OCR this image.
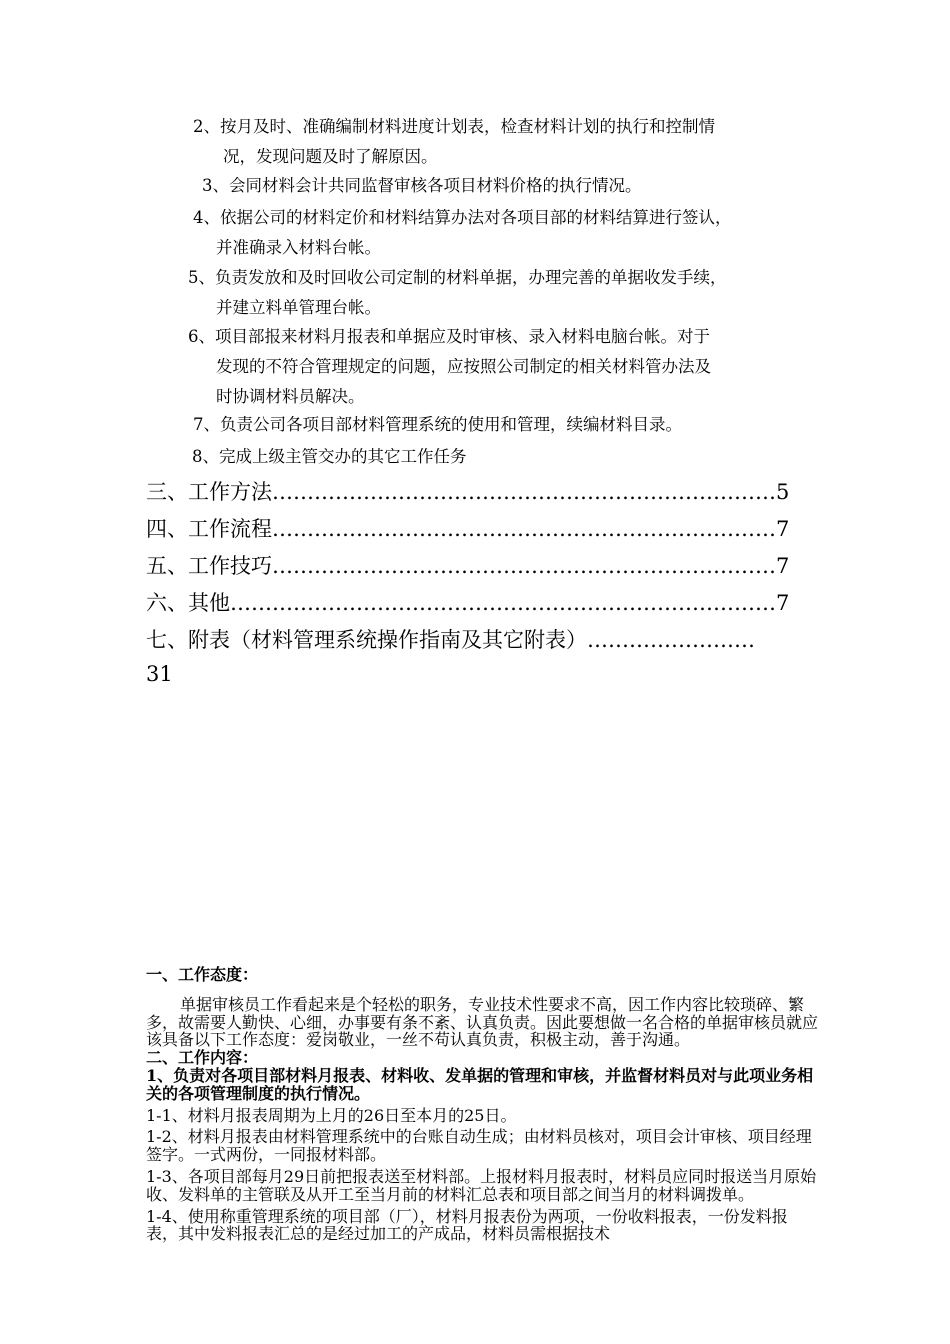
2、按月及时、准确编制材料进度计划表，检查材料计划的执行和控制情
况，发现问题及时了解原因。
3、会同材料会计共同监督审核各项目材料价格的执行情况。
4、依据公司的材料定价和材料结算办法对各项目部的材料结算进行签认，
并准确录入材料台帐。
5、负责发放和及时回收公司定制的材料单据，办理完善的单据收发手续，
并建立料单管理台帐。
6、项目部报来材料月报表和单据应及时审核、录入材料电脑台帐。对于
发现的不符合管理规定的问题，应按照公司制定的相关材料管办法及
时协调材料员解决。
7、负责公司各项目部材料管理系统的使用和管理，续编材料目录。
8、完成上级主管交办的其它工作任务
三、工作方法………………………………………………………………5
四、工作流程………………………………………………………………7
五、工作技巧………………………………………………………………7
六、其他……………………………………………………………………7
七、附表（材料管理系统操作指南及其它附表）……………………
31

一、工作态度：

单据审核员工作看起来是个轻松的职务，专业技术性要求不高，因工作内容比较琐碎、繁多，故需要人勤快、心细，办事要有条不紊、认真负责。因此要想做一名合格的单据审核员就应该具备以下工作态度：爱岗敬业，一丝不苟认真负责，积极主动，善于沟通。

二、工作内容：

1、负责对各项目部材料月报表、材料收、发单据的管理和审核，并监督材料员对与此项业务相关的各项管理制度的执行情况。

1-1、材料月报表周期为上月的26日至本月的25日。

1-2、材料月报表由材料管理系统中的台账自动生成；由材料员核对，项目会计审核、项目经理签字。一式两份，一同报材料部。

1-3、各项目部每月29日前把报表送至材料部。上报材料月报表时，材料员应同时报送当月原始收、发料单的主管联及从开工至当月前的材料汇总表和项目部之间当月的材料调拨单。

1-4、使用称重管理系统的项目部（厂），材料月报表份为两项，一份收料报表，一份发料报表，其中发料报表汇总的是经过加工的产成品，材料员需根据技术
